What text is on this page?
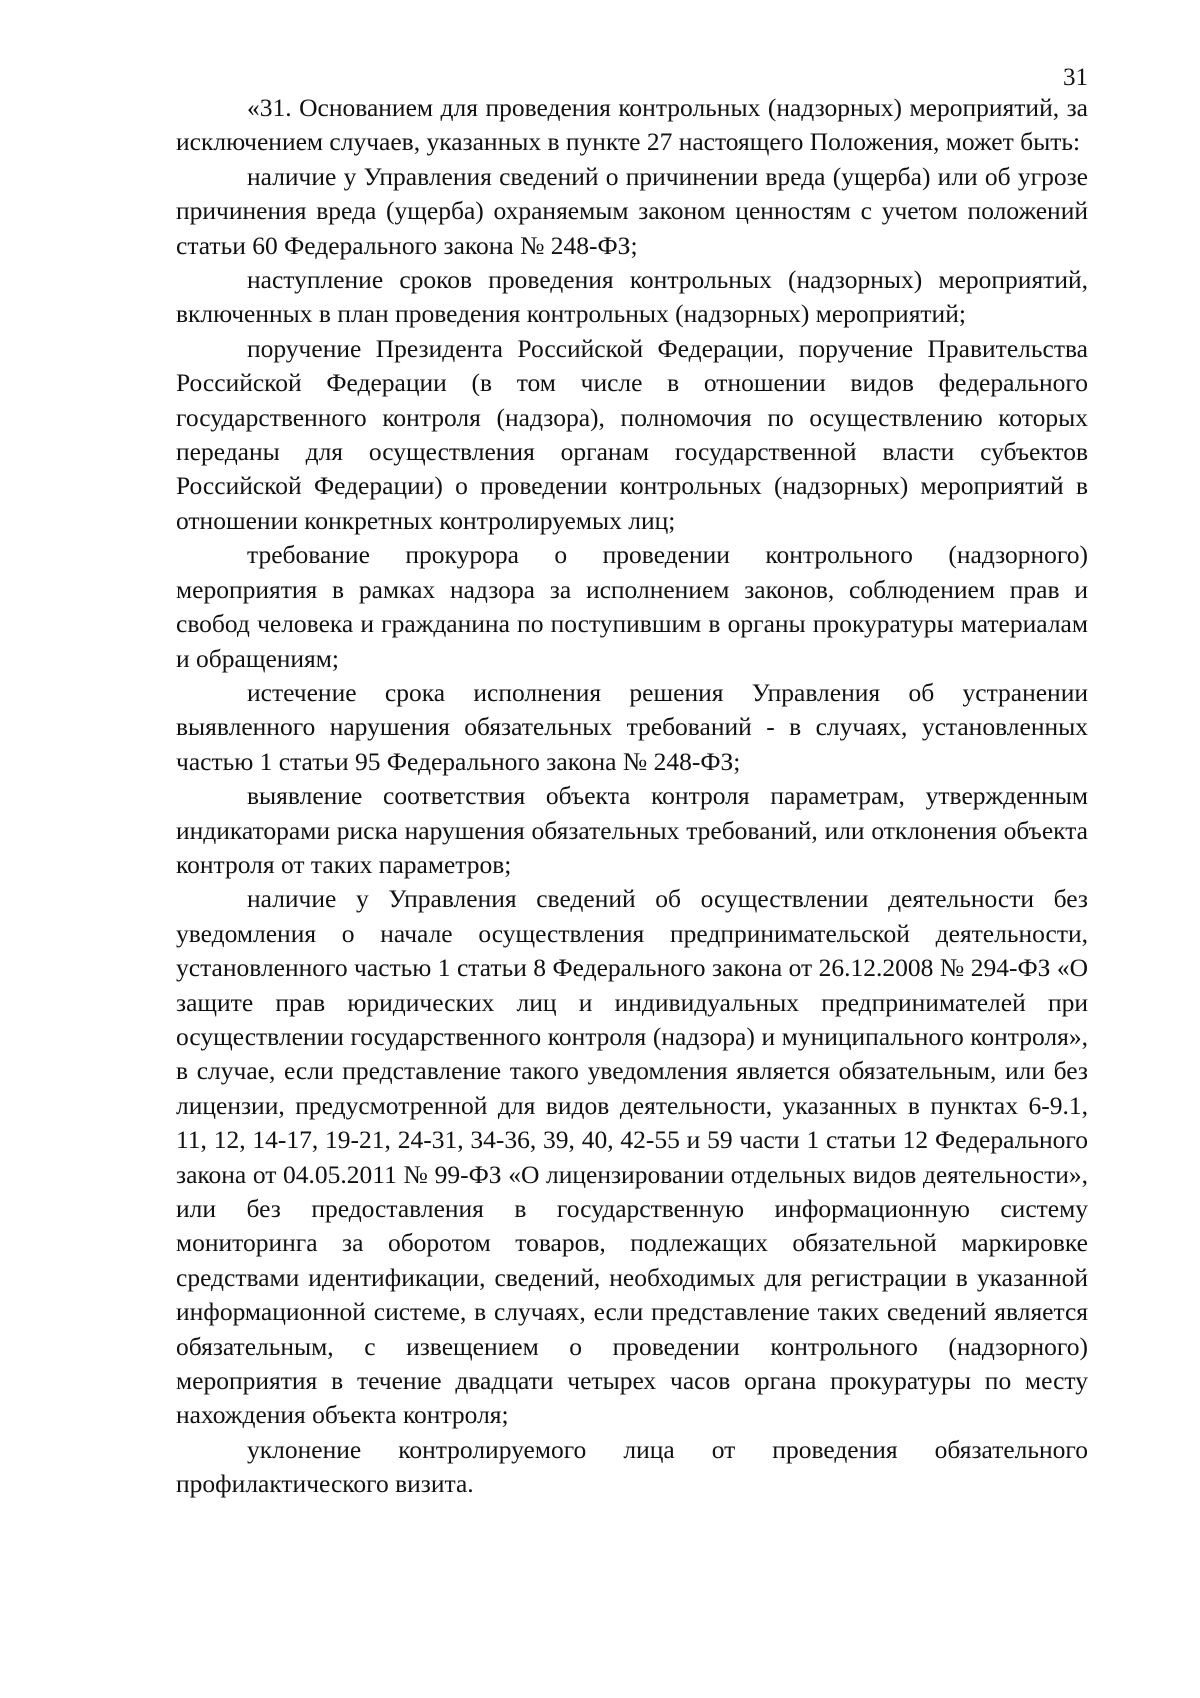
31

«31. Основанием для проведения контрольных (надзорных) мероприятий, за исключением случаев, указанных в пункте 27 настоящего Положения, может быть:

наличие у Управления сведений о причинении вреда (ущерба) или об угрозе причинения вреда (ущерба) охраняемым законом ценностям с учетом положений статьи 60 Федерального закона № 248-ФЗ;

наступление сроков проведения контрольных (надзорных) мероприятий, включенных в план проведения контрольных (надзорных) мероприятий;

поручение Президента Российской Федерации, поручение Правительства Российской Федерации (в том числе в отношении видов федерального государственного контроля (надзора), полномочия по осуществлению которых переданы для осуществления органам государственной власти субъектов Российской Федерации) о проведении контрольных (надзорных) мероприятий в отношении конкретных контролируемых лиц;

требование прокурора о проведении контрольного (надзорного) мероприятия в рамках надзора за исполнением законов, соблюдением прав и свобод человека и гражданина по поступившим в органы прокуратуры материалам и обращениям;

истечение срока исполнения решения Управления об устранении выявленного нарушения обязательных требований - в случаях, установленных частью 1 статьи 95 Федерального закона № 248-ФЗ;

выявление соответствия объекта контроля параметрам, утвержденным индикаторами риска нарушения обязательных требований, или отклонения объекта контроля от таких параметров;

наличие у Управления сведений об осуществлении деятельности без уведомления о начале осуществления предпринимательской деятельности, установленного частью 1 статьи 8 Федерального закона от 26.12.2008 № 294-ФЗ «О защите прав юридических лиц и индивидуальных предпринимателей при осуществлении государственного контроля (надзора) и муниципального контроля», в случае, если представление такого уведомления является обязательным, или без лицензии, предусмотренной для видов деятельности, указанных в пунктах 6-9.1, 11, 12, 14-17, 19-21, 24-31, 34-36, 39, 40, 42-55 и 59 части 1 статьи 12 Федерального закона от 04.05.2011 № 99-ФЗ «О лицензировании отдельных видов деятельности», или без предоставления в государственную информационную систему мониторинга за оборотом товаров, подлежащих обязательной маркировке средствами идентификации, сведений, необходимых для регистрации в указанной информационной системе, в случаях, если представление таких сведений является обязательным, с извещением о проведении контрольного (надзорного) мероприятия в течение двадцати четырех часов органа прокуратуры по месту нахождения объекта контроля;

уклонение контролируемого лица от проведения обязательного профилактического визита.
